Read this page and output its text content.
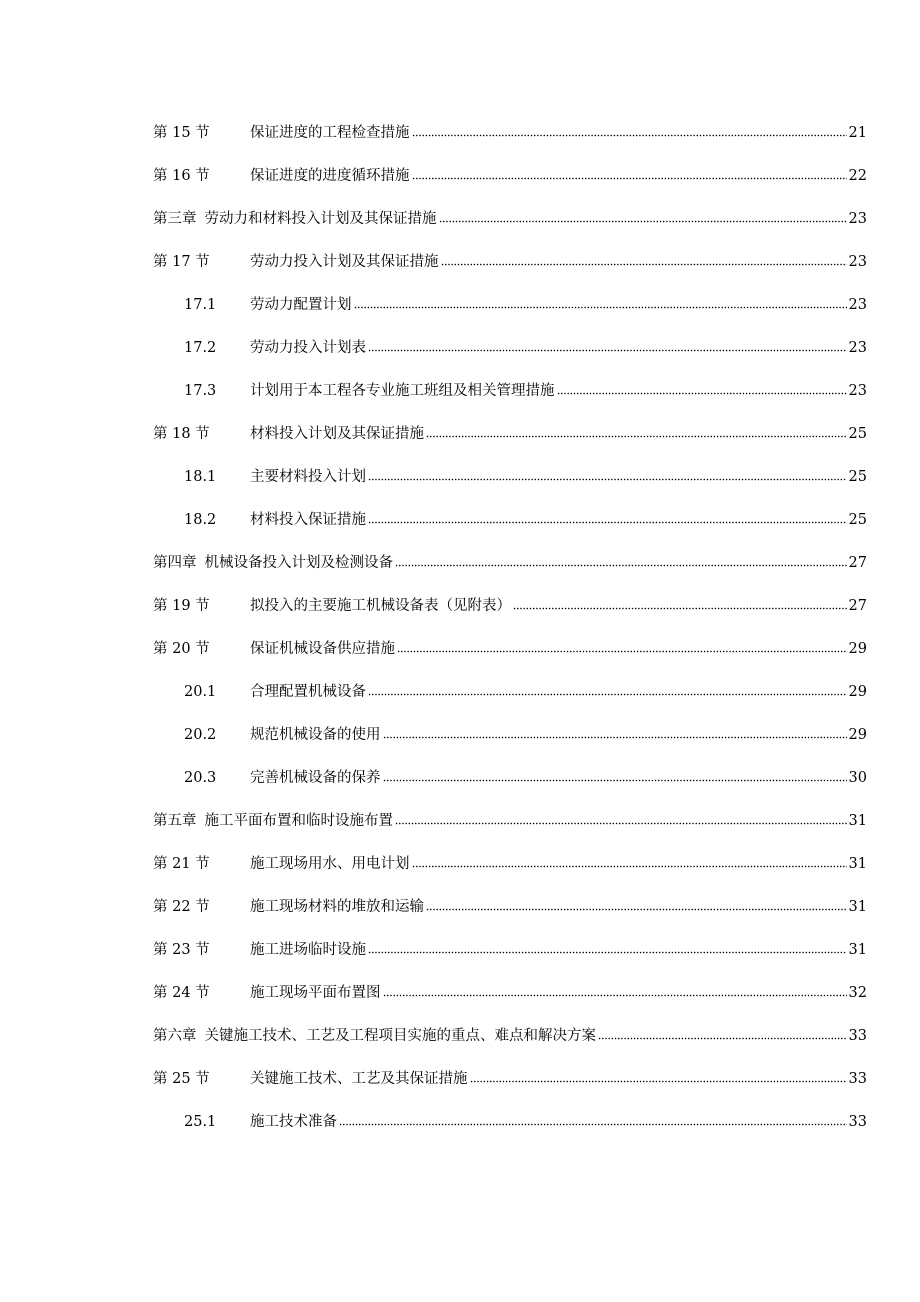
第 15 节	保证进度的工程检查措施	21
第 16 节	保证进度的进度循环措施	22
第三章 劳动力和材料投入计划及其保证措施	23
第 17 节	劳动力投入计划及其保证措施	23
17.1	劳动力配置计划	23
17.2	劳动力投入计划表	23
17.3	计划用于本工程各专业施工班组及相关管理措施	23
第 18 节	材料投入计划及其保证措施	25
18.1	主要材料投入计划	25
18.2	材料投入保证措施	25
第四章 机械设备投入计划及检测设备	27
第 19 节	拟投入的主要施工机械设备表（见附表）	27
第 20 节	保证机械设备供应措施	29
20.1	合理配置机械设备	29
20.2	规范机械设备的使用	29
20.3	完善机械设备的保养	30
第五章 施工平面布置和临时设施布置	31
第 21 节	施工现场用水、用电计划	31
第 22 节	施工现场材料的堆放和运输	31
第 23 节	施工进场临时设施	31
第 24 节	施工现场平面布置图	32
第六章 关键施工技术、工艺及工程项目实施的重点、难点和解决方案	33
第 25 节	关键施工技术、工艺及其保证措施	33
25.1	施工技术准备	33
